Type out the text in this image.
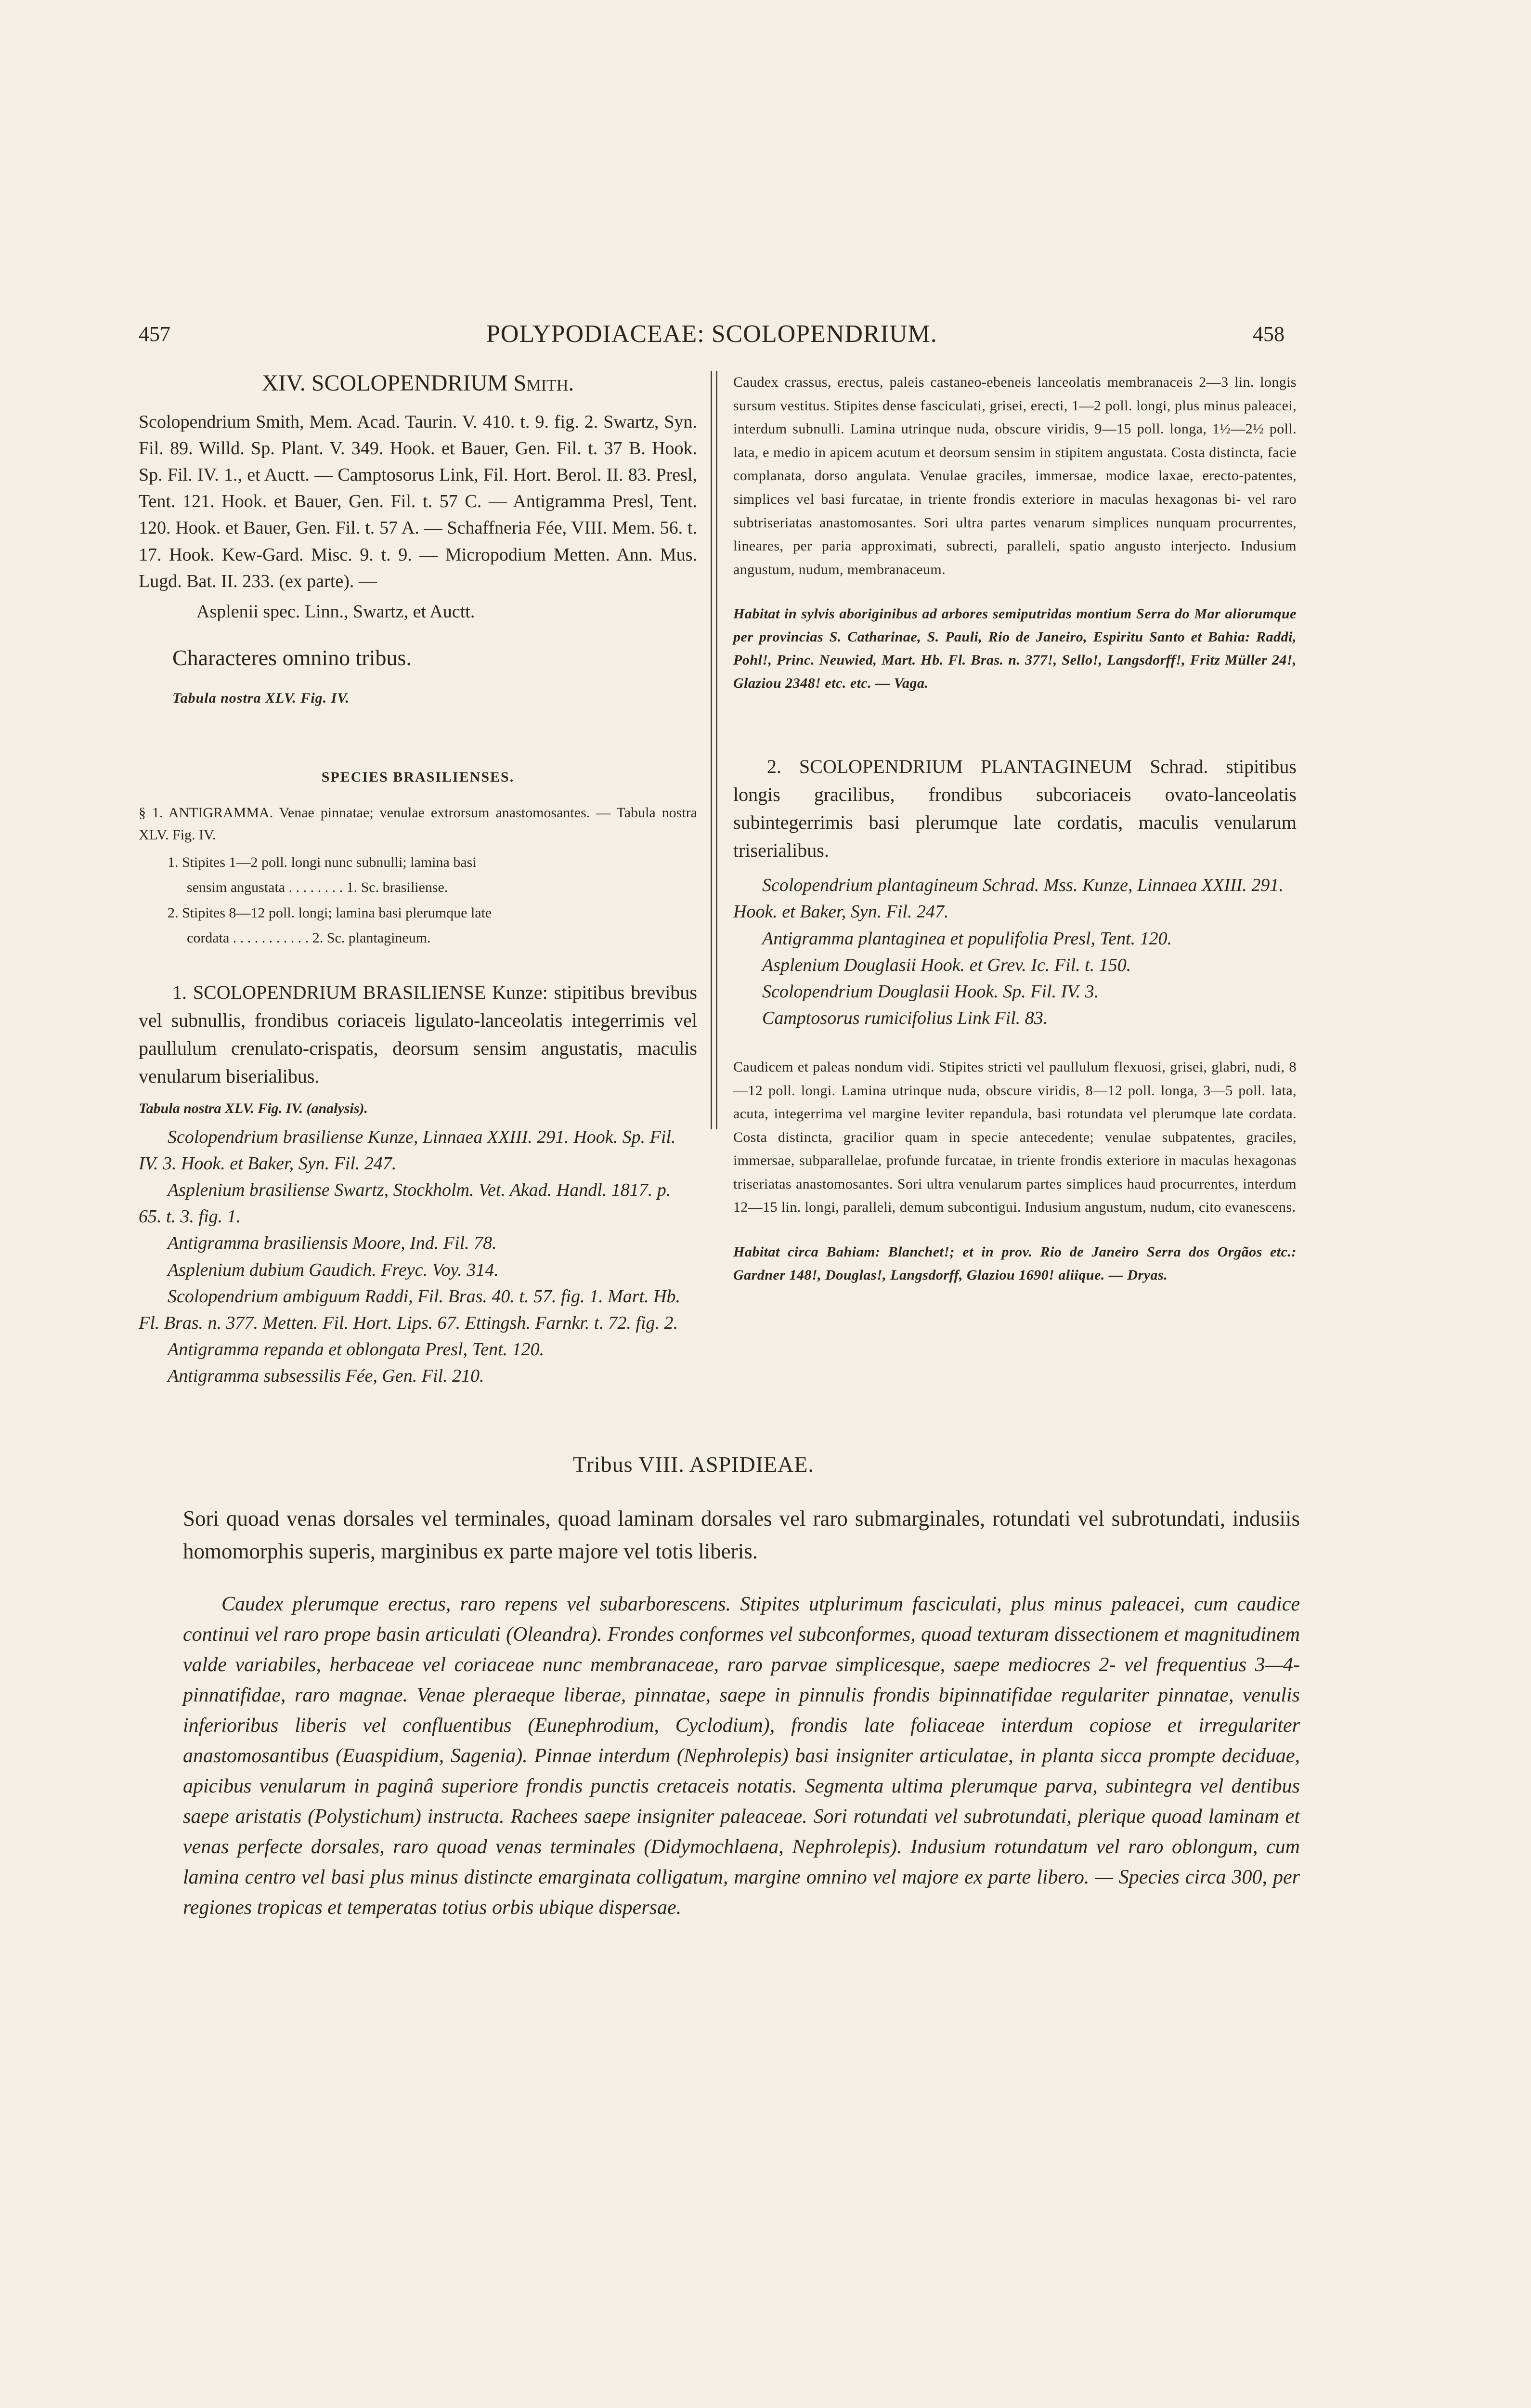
457	POLYPODIACEAE: SCOLOPENDRIUM.	458
XIV. SCOLOPENDRIUM Smith.
Scolopendrium Smith, Mem. Acad. Taurin. V. 410. t. 9. fig. 2. Swartz, Syn. Fil. 89. Willd. Sp. Plant. V. 349. Hook. et Bauer, Gen. Fil. t. 37 B. Hook. Sp. Fil. IV. 1., et Auctt. — Camptosorus Link, Fil. Hort. Berol. II. 83. Presl, Tent. 121. Hook. et Bauer, Gen. Fil. t. 57 C. — Antigramma Presl, Tent. 120. Hook. et Bauer, Gen. Fil. t. 57 A. — Schaffneria Fée, VIII. Mem. 56. t. 17. Hook. Kew-Gard. Misc. 9. t. 9. — Micropodium Metten. Ann. Mus. Lugd. Bat. II. 233. (ex parte). —
Asplenii spec. Linn., Swartz, et Auctt.
Characteres omnino tribus.
Tabula nostra XLV. Fig. IV.
SPECIES BRASILIENSES.
§ 1. ANTIGRAMMA. Venae pinnatae; venulae extrorsum anastomosantes. — Tabula nostra XLV. Fig. IV.
1. Stipites 1—2 poll. longi nunc subnulli; lamina basi
sensim angustata . . . . . . . . 1. Sc. brasiliense.
2. Stipites 8—12 poll. longi; lamina basi plerumque late
cordata . . . . . . . . . . . 2. Sc. plantagineum.
1. SCOLOPENDRIUM BRASILIENSE Kunze: stipitibus brevibus vel subnullis, frondibus coriaceis ligulato-lanceolatis integerrimis vel paullulum crenulato-crispatis, deorsum sensim angustatis, maculis venularum biserialibus.
Tabula nostra XLV. Fig. IV. (analysis).
Scolopendrium brasiliense Kunze, Linnaea XXIII. 291. Hook. Sp. Fil. IV. 3. Hook. et Baker, Syn. Fil. 247.
Asplenium brasiliense Swartz, Stockholm. Vet. Akad. Handl. 1817. p. 65. t. 3. fig. 1.
Antigramma brasiliensis Moore, Ind. Fil. 78.
Asplenium dubium Gaudich. Freyc. Voy. 314.
Scolopendrium ambiguum Raddi, Fil. Bras. 40. t. 57. fig. 1. Mart. Hb. Fl. Bras. n. 377. Metten. Fil. Hort. Lips. 67. Ettingsh. Farnkr. t. 72. fig. 2.
Antigramma repanda et oblongata Presl, Tent. 120.
Antigramma subsessilis Fée, Gen. Fil. 210.
Caudex crassus, erectus, paleis castaneo-ebeneis lanceolatis membranaceis 2—3 lin. longis sursum vestitus. Stipites dense fasciculati, grisei, erecti, 1—2 poll. longi, plus minus paleacei, interdum subnulli. Lamina utrinque nuda, obscure viridis, 9—15 poll. longa, 1½—2½ poll. lata, e medio in apicem acutum et deorsum sensim in stipitem angustata. Costa distincta, facie complanata, dorso angulata. Venulae graciles, immersae, modice laxae, erecto-patentes, simplices vel basi furcatae, in triente frondis exteriore in maculas hexagonas bi- vel raro subtriseriatas anastomosantes. Sori ultra partes venarum simplices nunquam procurrentes, lineares, per paria approximati, subrecti, paralleli, spatio angusto interjecto. Indusium angustum, nudum, membranaceum.
Habitat in sylvis aboriginibus ad arbores semiputridas montium Serra do Mar aliorumque per provincias S. Catharinae, S. Pauli, Rio de Janeiro, Espiritu Santo et Bahia: Raddi, Pohl!, Princ. Neuwied, Mart. Hb. Fl. Bras. n. 377!, Sello!, Langsdorff!, Fritz Müller 24!, Glaziou 2348! etc. etc. — Vaga.
2. SCOLOPENDRIUM PLANTAGINEUM Schrad. stipitibus longis gracilibus, frondibus subcoriaceis ovato-lanceolatis subintegerrimis basi plerumque late cordatis, maculis venularum triserialibus.
Scolopendrium plantagineum Schrad. Mss. Kunze, Linnaea XXIII. 291. Hook. et Baker, Syn. Fil. 247.
Antigramma plantaginea et populifolia Presl, Tent. 120.
Asplenium Douglasii Hook. et Grev. Ic. Fil. t. 150.
Scolopendrium Douglasii Hook. Sp. Fil. IV. 3.
Camptosorus rumicifolius Link Fil. 83.
Caudicem et paleas nondum vidi. Stipites stricti vel paullulum flexuosi, grisei, glabri, nudi, 8—12 poll. longi. Lamina utrinque nuda, obscure viridis, 8—12 poll. longa, 3—5 poll. lata, acuta, integerrima vel margine leviter repandula, basi rotundata vel plerumque late cordata. Costa distincta, gracilior quam in specie antecedente; venulae subpatentes, graciles, immersae, subparallelae, profunde furcatae, in triente frondis exteriore in maculas hexagonas triseriatas anastomosantes. Sori ultra venularum partes simplices haud procurrentes, interdum 12—15 lin. longi, paralleli, demum subcontigui. Indusium angustum, nudum, cito evanescens.
Habitat circa Bahiam: Blanchet!; et in prov. Rio de Janeiro Serra dos Orgãos etc.: Gardner 148!, Douglas!, Langsdorff, Glaziou 1690! aliique. — Dryas.
Tribus VIII. ASPIDIEAE.
Sori quoad venas dorsales vel terminales, quoad laminam dorsales vel raro submarginales, rotundati vel subrotundati, indusiis homomorphis superis, marginibus ex parte majore vel totis liberis.
Caudex plerumque erectus, raro repens vel subarborescens. Stipites utplurimum fasciculati, plus minus paleacei, cum caudice continui vel raro prope basin articulati (Oleandra). Frondes conformes vel subconformes, quoad texturam dissectionem et magnitudinem valde variabiles, herbaceae vel coriaceae nunc membranaceae, raro parvae simplicesque, saepe mediocres 2- vel frequentius 3—4-pinnatifidae, raro magnae. Venae pleraeque liberae, pinnatae, saepe in pinnulis frondis bipinnatifidae regulariter pinnatae, venulis inferioribus liberis vel confluentibus (Eunephrodium, Cyclodium), frondis late foliaceae interdum copiose et irregulariter anastomosantibus (Euaspidium, Sagenia). Pinnae interdum (Nephrolepis) basi insigniter articulatae, in planta sicca prompte deciduae, apicibus venularum in paginâ superiore frondis punctis cretaceis notatis. Segmenta ultima plerumque parva, subintegra vel dentibus saepe aristatis (Polystichum) instructa. Rachees saepe insigniter paleaceae. Sori rotundati vel subrotundati, plerique quoad laminam et venas perfecte dorsales, raro quoad venas terminales (Didymochlaena, Nephrolepis). Indusium rotundatum vel raro oblongum, cum lamina centro vel basi plus minus distincte emarginata colligatum, margine omnino vel majore ex parte libero. — Species circa 300, per regiones tropicas et temperatas totius orbis ubique dispersae.
